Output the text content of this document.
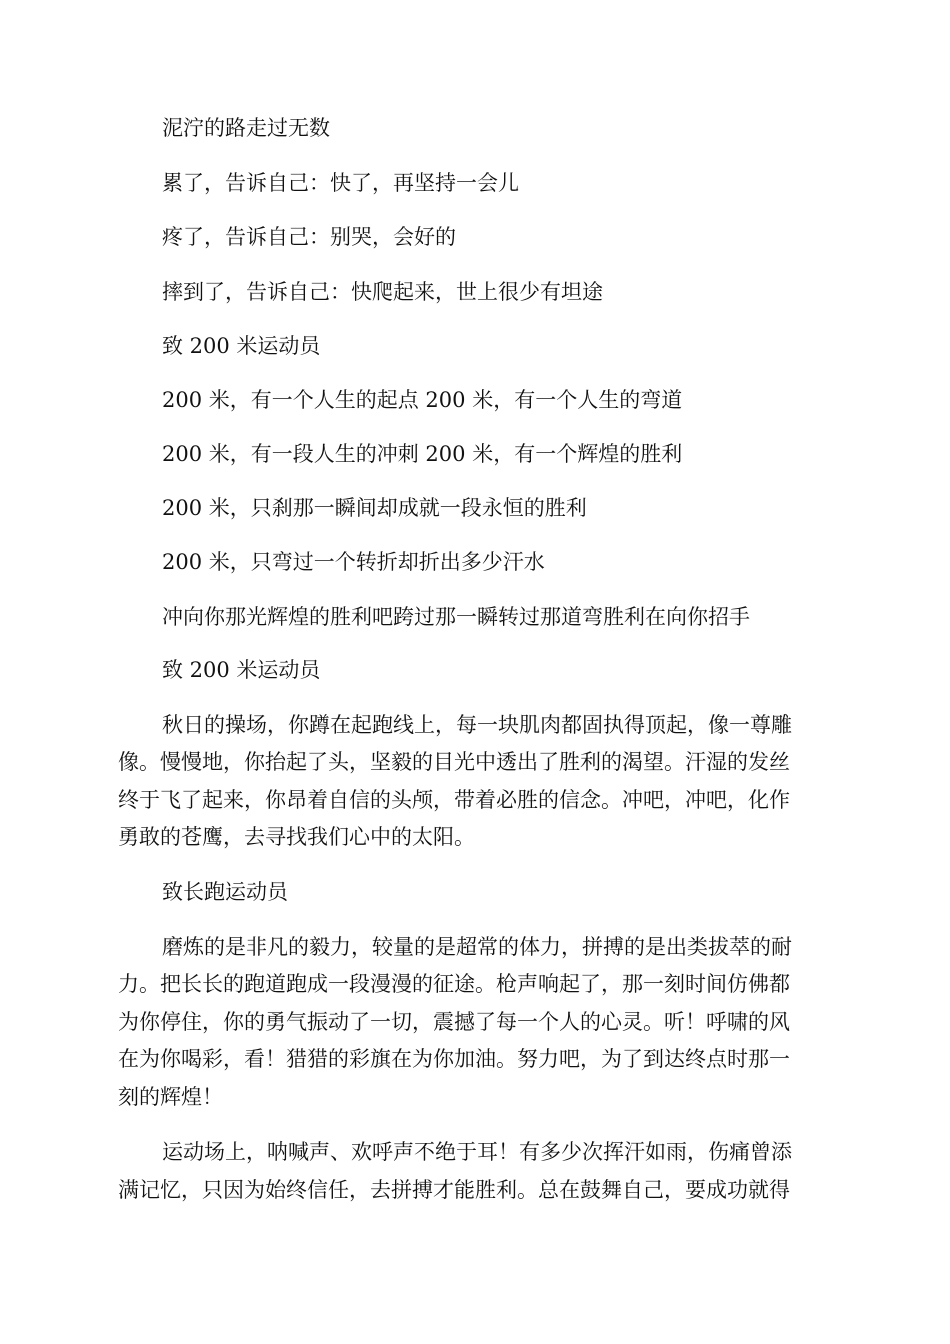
泥泞的路走过无数
累了，告诉自己：快了，再坚持一会儿
疼了，告诉自己：别哭，会好的
摔到了，告诉自己：快爬起来，世上很少有坦途
致 200 米运动员
200 米，有一个人生的起点 200 米，有一个人生的弯道
200 米，有一段人生的冲刺 200 米，有一个辉煌的胜利
200 米，只刹那一瞬间却成就一段永恒的胜利
200 米，只弯过一个转折却折出多少汗水
冲向你那光辉煌的胜利吧跨过那一瞬转过那道弯胜利在向你招手
致 200 米运动员
秋日的操场，你蹲在起跑线上，每一块肌肉都固执得顶起，像一尊雕
像。慢慢地，你抬起了头，坚毅的目光中透出了胜利的渴望。汗湿的发丝
终于飞了起来，你昂着自信的头颅，带着必胜的信念。冲吧，冲吧，化作
勇敢的苍鹰，去寻找我们心中的太阳。
致长跑运动员
磨炼的是非凡的毅力，较量的是超常的体力，拼搏的是出类拔萃的耐
力。把长长的跑道跑成一段漫漫的征途。枪声响起了，那一刻时间仿佛都
为你停住，你的勇气振动了一切，震撼了每一个人的心灵。听！呼啸的风
在为你喝彩，看！猎猎的彩旗在为你加油。努力吧，为了到达终点时那一
刻的辉煌！
运动场上，呐喊声、欢呼声不绝于耳！有多少次挥汗如雨，伤痛曾添
满记忆，只因为始终信任，去拼搏才能胜利。总在鼓舞自己，要成功就得
